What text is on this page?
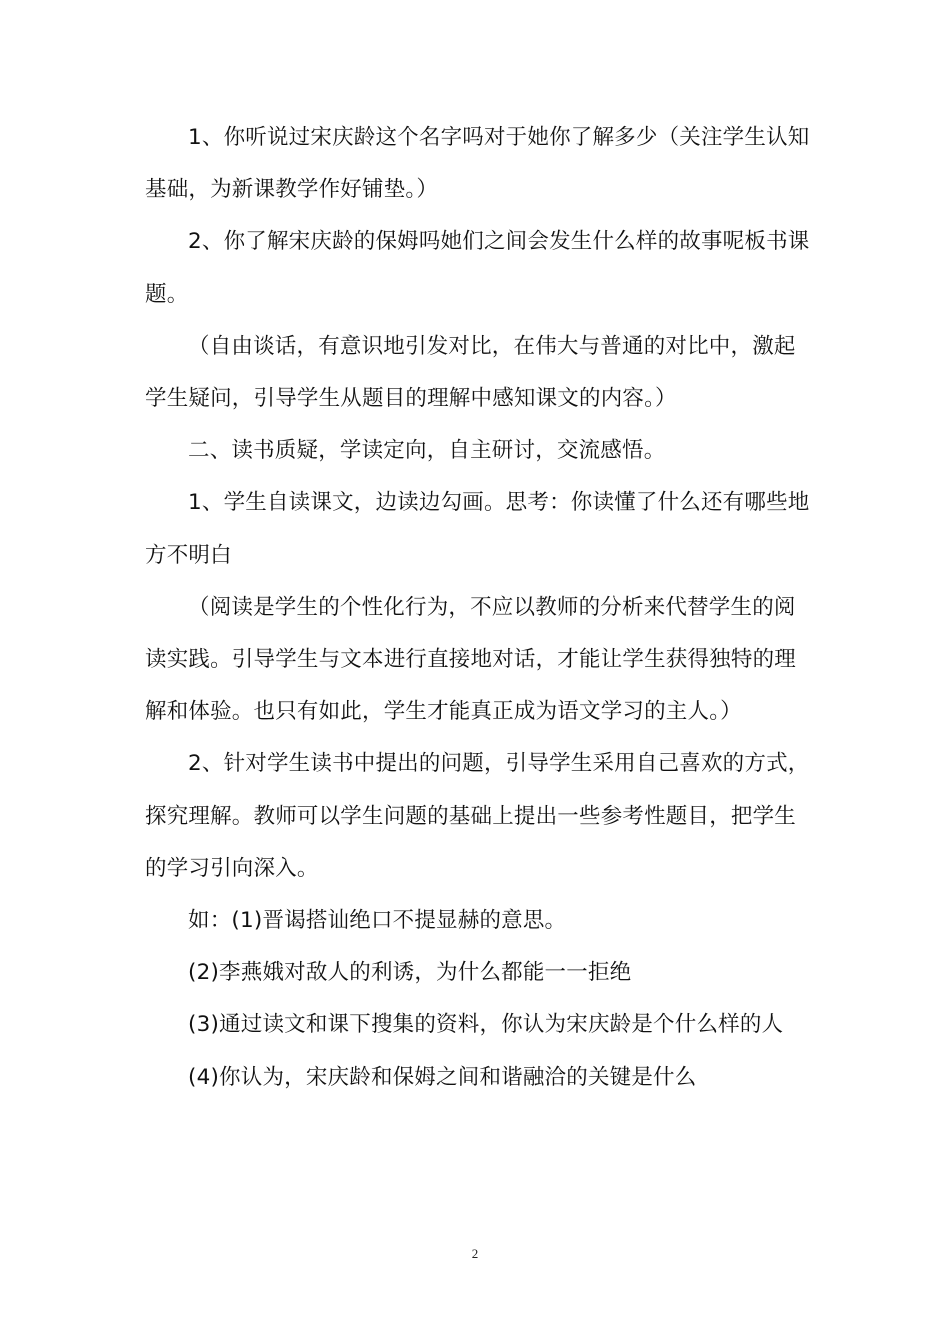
1、你听说过宋庆龄这个名字吗对于她你了解多少（关注学生认知基础，为新课教学作好铺垫。）

2、你了解宋庆龄的保姆吗她们之间会发生什么样的故事呢板书课题。

（自由谈话，有意识地引发对比，在伟大与普通的对比中，激起学生疑问，引导学生从题目的理解中感知课文的内容。）

二、读书质疑，学读定向，自主研讨，交流感悟。

1、学生自读课文，边读边勾画。思考：你读懂了什么还有哪些地方不明白

（阅读是学生的个性化行为，不应以教师的分析来代替学生的阅读实践。引导学生与文本进行直接地对话，才能让学生获得独特的理解和体验。也只有如此，学生才能真正成为语文学习的主人。）

2、针对学生读书中提出的问题，引导学生采用自己喜欢的方式，探究理解。教师可以学生问题的基础上提出一些参考性题目，把学生的学习引向深入。

如：(1)晋谒搭讪绝口不提显赫的意思。

(2)李燕娥对敌人的利诱，为什么都能一一拒绝

(3)通过读文和课下搜集的资料，你认为宋庆龄是个什么样的人

(4)你认为，宋庆龄和保姆之间和谐融洽的关键是什么

2
